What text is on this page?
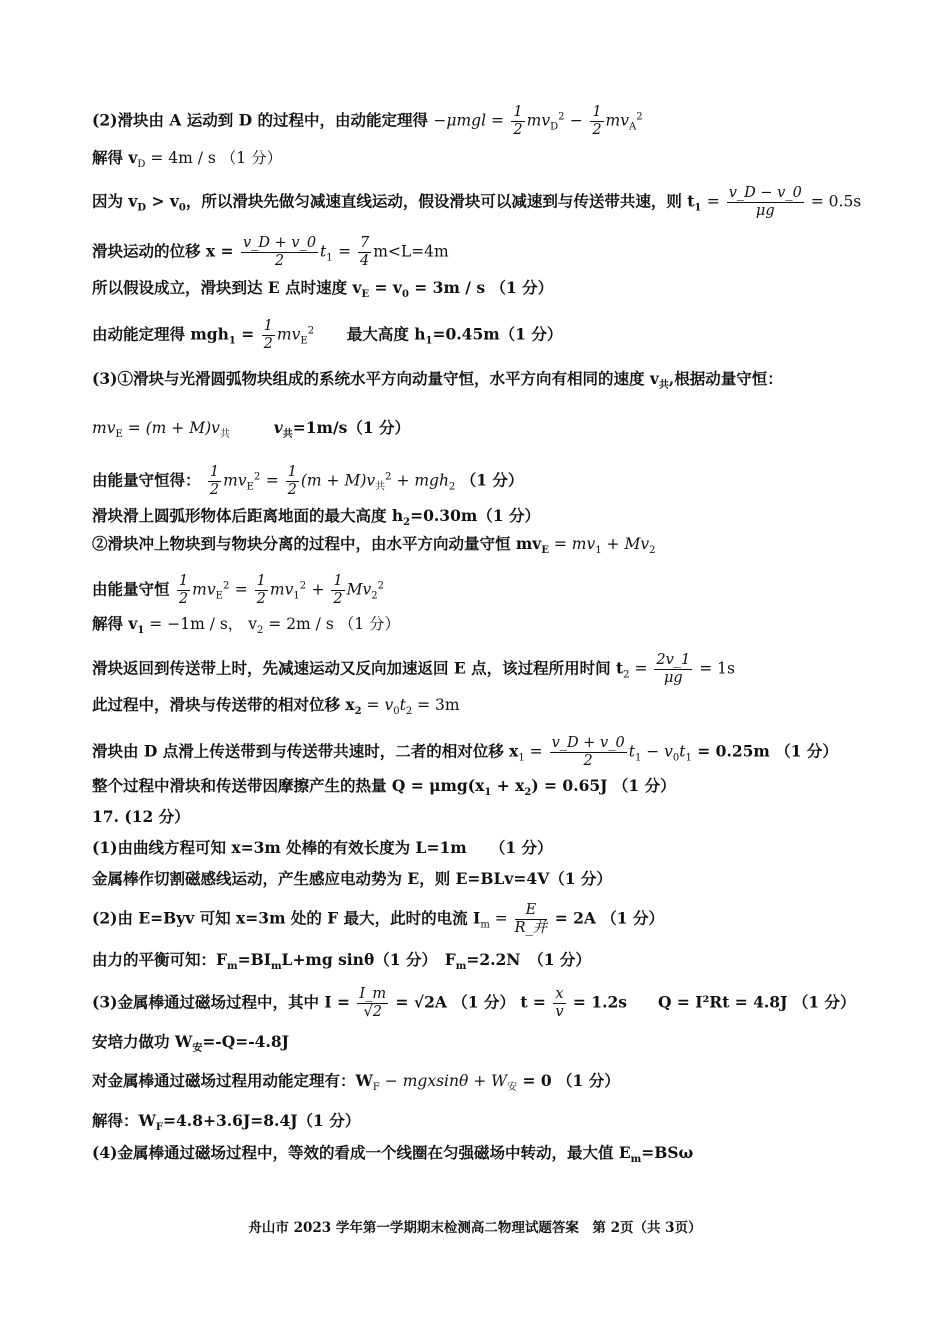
(2)滑块由 A 运动到 D 的过程中，由动能定理得 $-\mu mgl = \frac{1}{2} mv_D^2 - \frac{1}{2} mv_A^2$
解得 $v_D = 4m / s$ （1 分）
因为 $v_D > v_0$，所以滑块先做匀减速直线运动，假设滑块可以减速到与传送带共速，则 $t_1 = \frac{v\_D - v\_0}{\mu g} = 0.5s$
滑块运动的位移 $x = \frac{v\_D + v\_0}{2} t_1 = \frac{7}{4} m<L=4m$
所以假设成立，滑块到达 E 点时速度 $v_E = v_0 = 3m / s$ （1 分）
由动能定理得 $mgh_1 = \frac{1}{2} mv_E^2$ 最大高度 $h_1=0.45m(1$ 分）
(3)①滑块与光滑圆弧物块组成的系统水平方向动量守恒，水平方向有相同的速度 $v_共$,根据动量守恒：
$mv_E = (m + M)v_共$	$v_共=1m/s(1$ 分）
由能量守恒得： $\frac{1}{2} mv_E^2 = \frac{1}{2} (m + M)v_共^2 + mgh_2$ （1 分）
滑块滑上圆弧形物体后距离地面的最大高度 $h_2=0.30m(1$ 分）
②滑块冲上物块到与物块分离的过程中，由水平方向动量守恒 $mv_E = mv_1 + Mv_2$
由能量守恒 $\frac{1}{2} mv_E^2 = \frac{1}{2} mv_1^2 + \frac{1}{2} Mv_2^2$
解得 $v_1 = -1m / s$， $v_2 = 2m / s$ （1 分）
滑块返回到传送带上时，先减速运动又反向加速返回 E 点，该过程所用时间 $t_2 = \frac{2v\_1}{\mu g} = 1s$
此过程中，滑块与传送带的相对位移 $x_2 = v_0t_2 = 3m$
滑块由 D 点滑上传送带到与传送带共速时，二者的相对位移 $x_1 = \frac{v\_D + v\_0}{2} t_1 - v_0t_1 = 0.25m$ （1 分）
整个过程中滑块和传送带因摩擦产生的热量 $Q = \mu mg(x_1 + x_2) = 0.65J$ （1 分）
17. (12 分）
(1)由曲线方程可知 x=3m 处棒的有效长度为 L=1m　　（1 分）
金属棒作切割磁感线运动，产生感应电动势为 E，则 E=BLv=4V（1 分）
(2)由 E=Byv 可知 x=3m 处的 F 最大，此时的电流 $I_m = \frac{E}{\text{R\_并}} = 2A$ （1 分）
由力的平衡可知：$F_m=BI_mL+mg$ sinθ（1 分）　$F_m=2.2N$　（1 分）
(3)金属棒通过磁场过程中，其中 $I = \frac{I\_m}{√2} = √2A$ （1 分） $t = \frac{x}{v} = 1.2s$　　Q = I²Rt = 4.8J （1 分）
安培力做功 $W_安=-Q=-4.8J$
对金属棒通过磁场过程用动能定理有：$W_F - mgxsin\theta + W_安 = 0$ （1 分）
解得：$W_F=4.8+3.6J=8.4J(1$ 分）
(4)金属棒通过磁场过程中，等效的看成一个线圈在匀强磁场中转动，最大值 $E_m=BS\omega$
舟山市 2023 学年第一学期期末检测高二物理试题答案　第 2页（共 3页）
